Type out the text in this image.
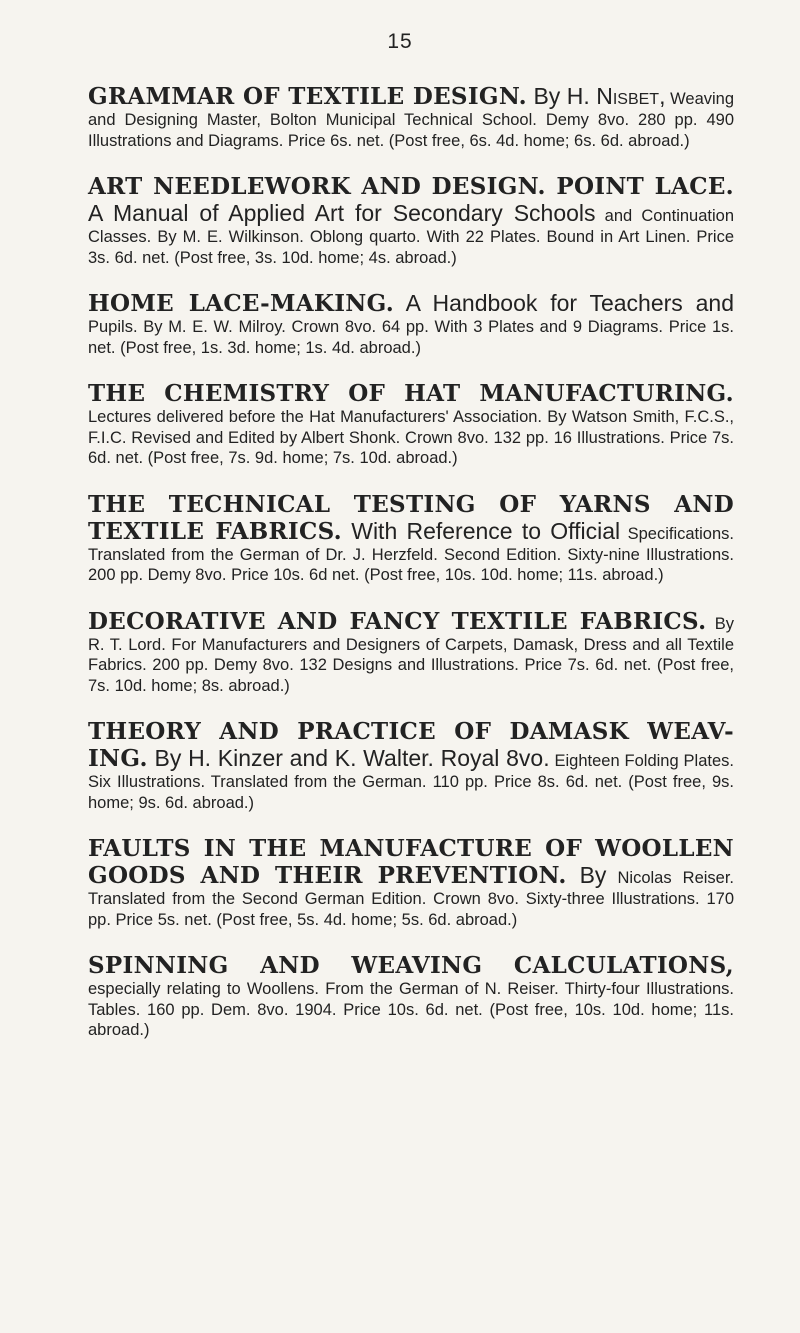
15
GRAMMAR OF TEXTILE DESIGN. By H. Nisbet, Weaving and Designing Master, Bolton Municipal Technical School. Demy 8vo. 280 pp. 490 Illustrations and Diagrams. Price 6s. net. (Post free, 6s. 4d. home; 6s. 6d. abroad.)
ART NEEDLEWORK AND DESIGN. POINT LACE. A Manual of Applied Art for Secondary Schools and Continuation Classes. By M. E. Wilkinson. Oblong quarto. With 22 Plates. Bound in Art Linen. Price 3s. 6d. net. (Post free, 3s. 10d. home; 4s. abroad.)
HOME LACE-MAKING. A Handbook for Teachers and Pupils. By M. E. W. Milroy. Crown 8vo. 64 pp. With 3 Plates and 9 Diagrams. Price 1s. net. (Post free, 1s. 3d. home; 1s. 4d. abroad.)
THE CHEMISTRY OF HAT MANUFACTURING. Lectures delivered before the Hat Manufacturers' Association. By Watson Smith, F.C.S., F.I.C. Revised and Edited by Albert Shonk. Crown 8vo. 132 pp. 16 Illustrations. Price 7s. 6d. net. (Post free, 7s. 9d. home; 7s. 10d. abroad.)
THE TECHNICAL TESTING OF YARNS AND TEXTILE FABRICS. With Reference to Official Specifications. Translated from the German of Dr. J. Herzfeld. Second Edition. Sixty-nine Illustrations. 200 pp. Demy 8vo. Price 10s. 6d net. (Post free, 10s. 10d. home; 11s. abroad.)
DECORATIVE AND FANCY TEXTILE FABRICS. By R. T. Lord. For Manufacturers and Designers of Carpets, Damask, Dress and all Textile Fabrics. 200 pp. Demy 8vo. 132 Designs and Illustrations. Price 7s. 6d. net. (Post free, 7s. 10d. home; 8s. abroad.)
THEORY AND PRACTICE OF DAMASK WEAV-ING. By H. Kinzer and K. Walter. Royal 8vo. Eighteen Folding Plates. Six Illustrations. Translated from the German. 110 pp. Price 8s. 6d. net. (Post free, 9s. home; 9s. 6d. abroad.)
FAULTS IN THE MANUFACTURE OF WOOLLEN GOODS AND THEIR PREVENTION. By Nicolas Reiser. Translated from the Second German Edition. Crown 8vo. Sixty-three Illustrations. 170 pp. Price 5s. net. (Post free, 5s. 4d. home; 5s. 6d. abroad.)
SPINNING AND WEAVING CALCULATIONS, especially relating to Woollens. From the German of N. Reiser. Thirty-four Illustrations. Tables. 160 pp. Dem. 8vo. 1904. Price 10s. 6d. net. (Post free, 10s. 10d. home; 11s. abroad.)
